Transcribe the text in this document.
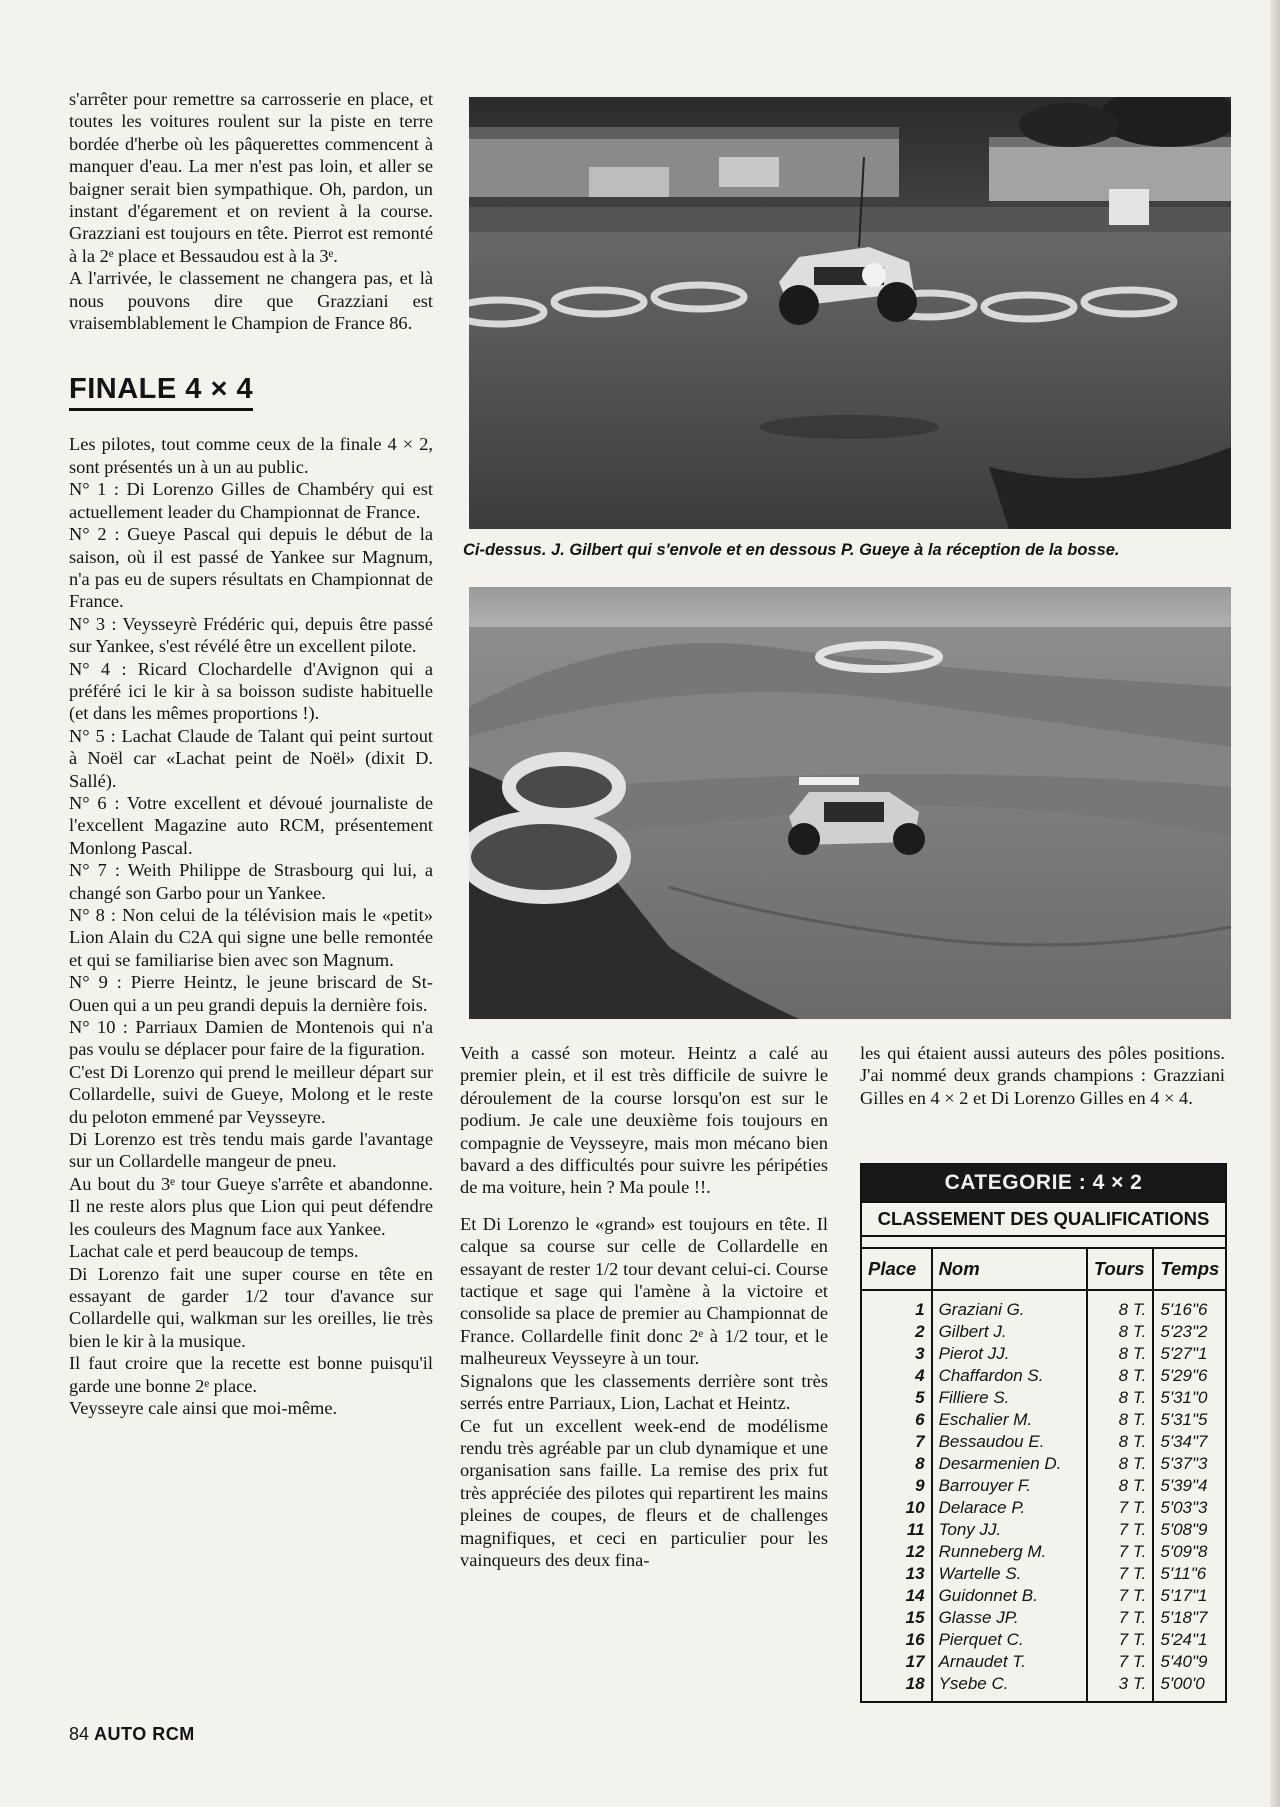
s'arrêter pour remettre sa carrosserie en place, et toutes les voitures roulent sur la piste en terre bordée d'herbe où les pâquerettes commencent à manquer d'eau. La mer n'est pas loin, et aller se baigner serait bien sympathique. Oh, pardon, un instant d'égarement et on revient à la course. Grazziani est toujours en tête. Pierrot est remonté à la 2ᵉ place et Bessaudou est à la 3ᵉ.

A l'arrivée, le classement ne changera pas, et là nous pouvons dire que Grazziani est vraisemblablement le Champion de France 86.

FINALE 4 × 4

Les pilotes, tout comme ceux de la finale 4 × 2, sont présentés un à un au public.

N° 1 : Di Lorenzo Gilles de Chambéry qui est actuellement leader du Championnat de France.

N° 2 : Gueye Pascal qui depuis le début de la saison, où il est passé de Yankee sur Magnum, n'a pas eu de supers résultats en Championnat de France.

N° 3 : Veysseyrè Frédéric qui, depuis être passé sur Yankee, s'est révélé être un excellent pilote.

N° 4 : Ricard Clochardelle d'Avignon qui a préféré ici le kir à sa boisson sudiste habituelle (et dans les mêmes proportions !).

N° 5 : Lachat Claude de Talant qui peint surtout à Noël car «Lachat peint de Noël» (dixit D. Sallé).

N° 6 : Votre excellent et dévoué journaliste de l'excellent Magazine auto RCM, présentement Monlong Pascal.

N° 7 : Weith Philippe de Strasbourg qui lui, a changé son Garbo pour un Yankee.

N° 8 : Non celui de la télévision mais le «petit» Lion Alain du C2A qui signe une belle remontée et qui se familiarise bien avec son Magnum.

N° 9 : Pierre Heintz, le jeune briscard de St-Ouen qui a un peu grandi depuis la dernière fois.

N° 10 : Parriaux Damien de Montenois qui n'a pas voulu se déplacer pour faire de la figuration.

C'est Di Lorenzo qui prend le meilleur départ sur Collardelle, suivi de Gueye, Molong et le reste du peloton emmené par Veysseyre.

Di Lorenzo est très tendu mais garde l'avantage sur un Collardelle mangeur de pneu.

Au bout du 3ᵉ tour Gueye s'arrête et abandonne. Il ne reste alors plus que Lion qui peut défendre les couleurs des Magnum face aux Yankee.

Lachat cale et perd beaucoup de temps.

Di Lorenzo fait une super course en tête en essayant de garder 1/2 tour d'avance sur Collardelle qui, walkman sur les oreilles, lie très bien le kir à la musique.

Il faut croire que la recette est bonne puisqu'il garde une bonne 2ᵉ place.

Veysseyre cale ainsi que moi-même.

Ci-dessus. J. Gilbert qui s'envole et en dessous P. Gueye à la réception de la bosse.

Veith a cassé son moteur. Heintz a calé au premier plein, et il est très difficile de suivre le déroulement de la course lorsqu'on est sur le podium. Je cale une deuxième fois toujours en compagnie de Veysseyre, mais mon mécano bien bavard a des difficultés pour suivre les péripéties de ma voiture, hein ? Ma poule !!.

Et Di Lorenzo le «grand» est toujours en tête. Il calque sa course sur celle de Collardelle en essayant de rester 1/2 tour devant celui-ci. Course tactique et sage qui l'amène à la victoire et consolide sa place de premier au Championnat de France. Collardelle finit donc 2ᵉ à 1/2 tour, et le malheureux Veysseyre à un tour.

Signalons que les classements derrière sont très serrés entre Parriaux, Lion, Lachat et Heintz.

Ce fut un excellent week-end de modélisme rendu très agréable par un club dynamique et une organisation sans faille. La remise des prix fut très appréciée des pilotes qui repartirent les mains pleines de coupes, de fleurs et de challenges magnifiques, et ceci en particulier pour les vainqueurs des deux fina-

les qui étaient aussi auteurs des pôles positions. J'ai nommé deux grands champions : Grazziani Gilles en 4 × 2 et Di Lorenzo Gilles en 4 × 4.

CATEGORIE : 4 × 2
CLASSEMENT DES QUALIFICATIONS
Place	Nom	Tours	Temps
1	Graziani G.	8 T.	5'16"6
2	Gilbert J.	8 T.	5'23"2
3	Pierot JJ.	8 T.	5'27"1
4	Chaffardon S.	8 T.	5'29"6
5	Filliere S.	8 T.	5'31"0
6	Eschalier M.	8 T.	5'31"5
7	Bessaudou E.	8 T.	5'34"7
8	Desarmenien D.	8 T.	5'37"3
9	Barrouyer F.	8 T.	5'39"4
10	Delarace P.	7 T.	5'03"3
11	Tony JJ.	7 T.	5'08"9
12	Runneberg M.	7 T.	5'09"8
13	Wartelle S.	7 T.	5'11"6
14	Guidonnet B.	7 T.	5'17"1
15	Glasse JP.	7 T.	5'18"7
16	Pierquet C.	7 T.	5'24"1
17	Arnaudet T.	7 T.	5'40"9
18	Ysebe C.	3 T.	5'00'0
84 AUTO RCM
